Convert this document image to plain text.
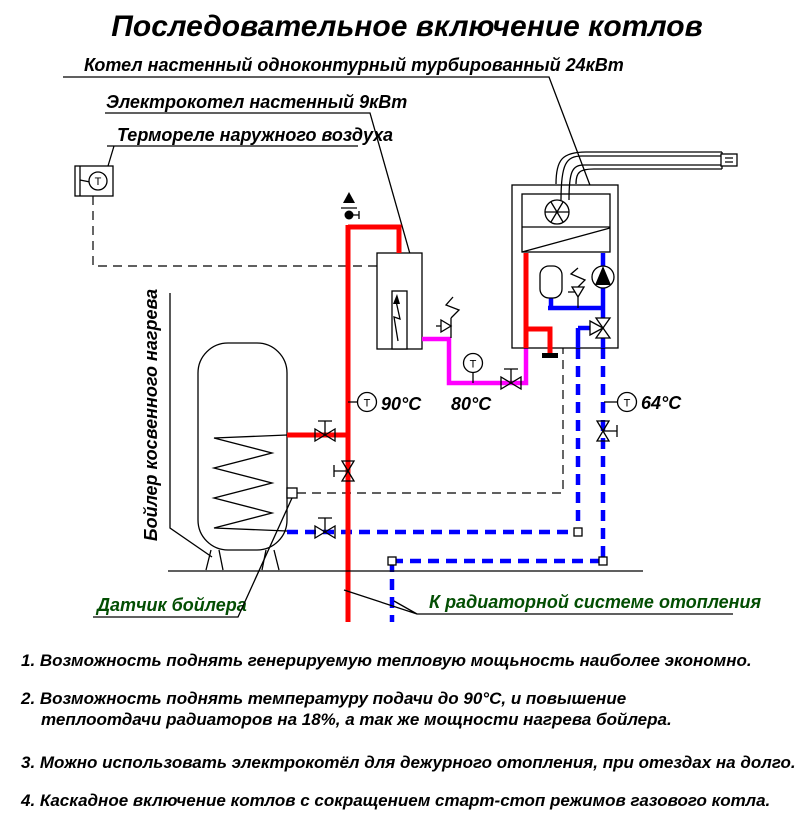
Последовательное включение котлов
Котел настенный одноконтурный турбированный 24кВт
Электрокотел настенный 9кВт
Термореле наружного воздуха
T
Бойлер косвенного нагрева	T 90°C
T
80°C	T 64°C
Датчик бойлера	К радиаторной системе отопления
1. Возможность поднять генерируемую тепловую мощьность наиболее экономно.
2. Возможность поднять температуру подачи до 90°C, и повышение теплоотдачи радиаторов на 18%, а так же мощности нагрева бойлера.
3. Можно использовать электрокотёл для дежурного отопления, при отездах на долго.
4. Каскадное включение котлов с сокращением старт-стоп режимов газового котла.
